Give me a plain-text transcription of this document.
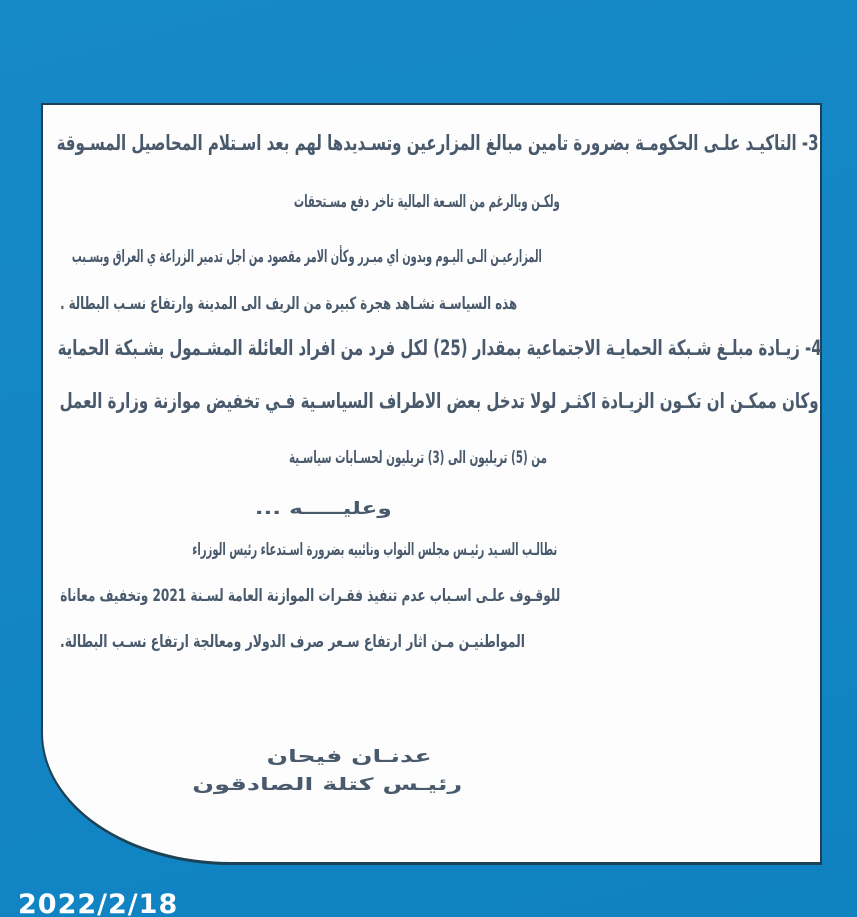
3- التاكيـد علـى الحكومـة بضرورة تامين مبالغ المزارعين وتسـديدها لهم بعد اسـتلام المحاصيل المسـوقة
ولكـن وبالرغم من السـعة المالية تاخر دفع مسـتحقات
المزارعيـن الـى اليـوم وبدون اي مبـرر وكأن الامر مقصود من اجل تدمير الزراعة ي العراق وبسـبب
هذه السياسـة نشـاهد هجرة كبيرة من الريف الى المدينة وارتفاع نسـب البطالة .
4- زيـادة مبلـغ شـبكة الحمايـة الاجتماعية بمقدار (25) لكل فرد من افراد العائلة المشـمول بشـبكة الحماية
وكان ممكـن ان تكـون الزيـادة اكثـر لولا تدخل بعض الاطراف السياسـية فـي تخفيض موازنة وزارة العمل
من (5) تريليون الى (3) تريليون لحسـابات سياسـية
وعليـــــه ...
نطالـب السـيد رئيـس مجلس النواب ونائبيه بضرورة اسـتدعاء رئيس الوزراء
للوقـوف علـى اسـباب عدم تنفيذ فقـرات الموازنة العامة لسـنة 2021 وتخفيف معاناة
المواطنيـن مـن اثار ارتفاع سـعر صرف الدولار ومعالجة ارتفاع نسـب البطالة.
عدنـان فيحان
رئيـس كتلة الصادقون
2022/2/18
